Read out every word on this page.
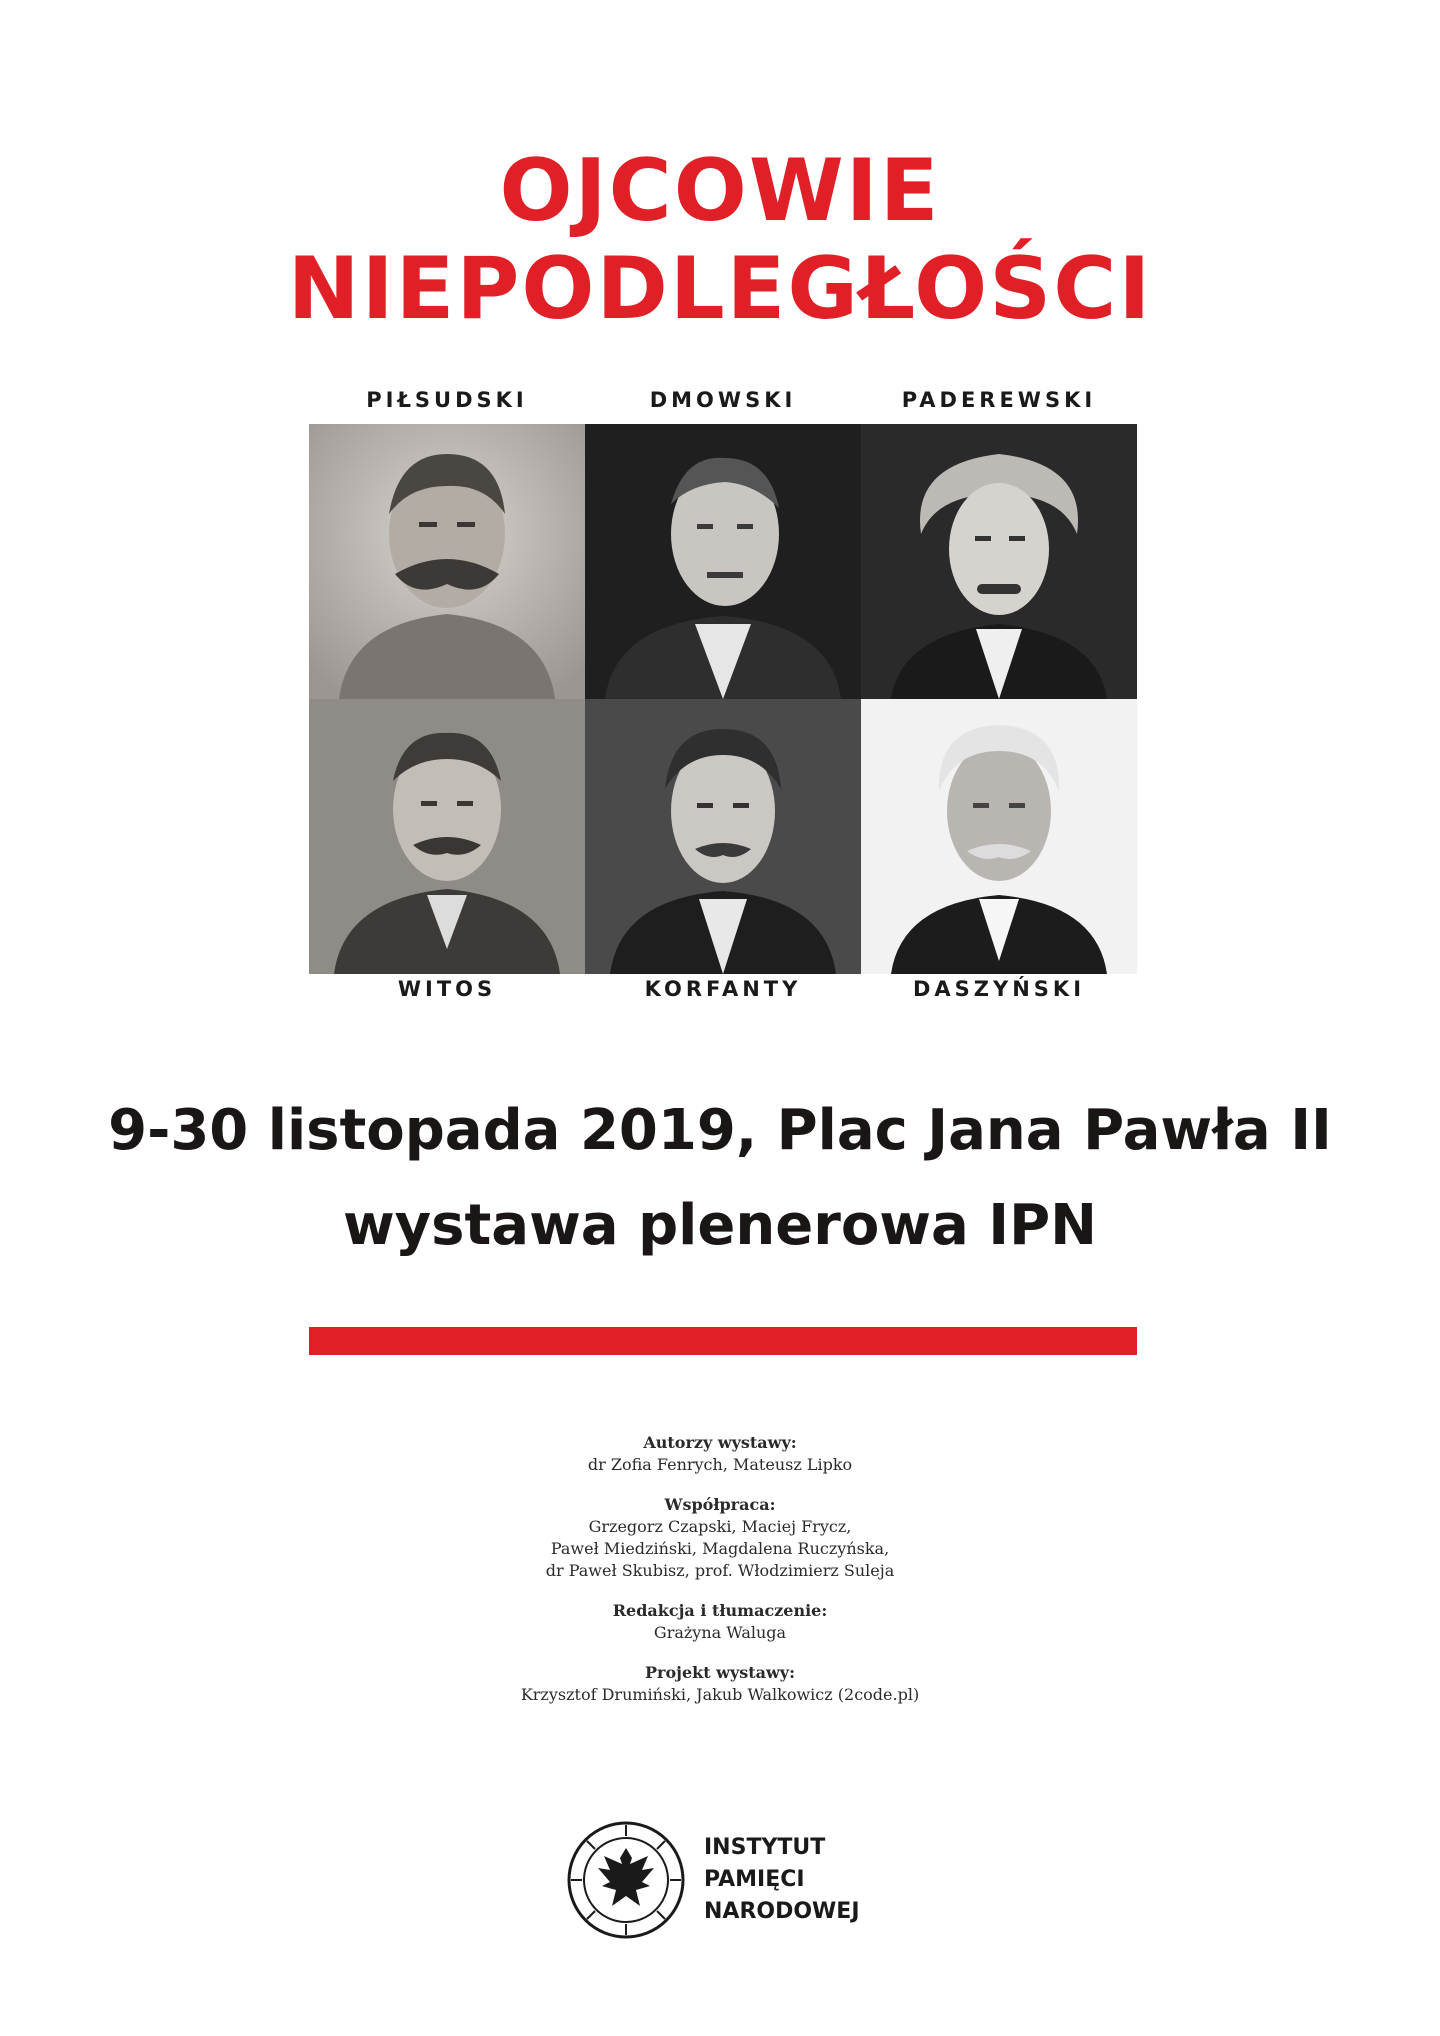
OJCOWIE
NIEPODLEGŁOŚCI
PIŁSUDSKI	DMOWSKI	PADEREWSKI
WITOS	KORFANTY	DASZYŃSKI

9-30 listopada 2019, Plac Jana Pawła II

wystawa plenerowa IPN

Autorzy wystawy:
dr Zofia Fenrych, Mateusz Lipko
Współpraca:
Grzegorz Czapski, Maciej Frycz,
Paweł Miedziński, Magdalena Ruczyńska,
dr Paweł Skubisz, prof. Włodzimierz Suleja
Redakcja i tłumaczenie:
Grażyna Waluga
Projekt wystawy:
Krzysztof Drumiński, Jakub Walkowicz (2code.pl)
INSTYTUT
PAMIĘCI
NARODOWEJ
